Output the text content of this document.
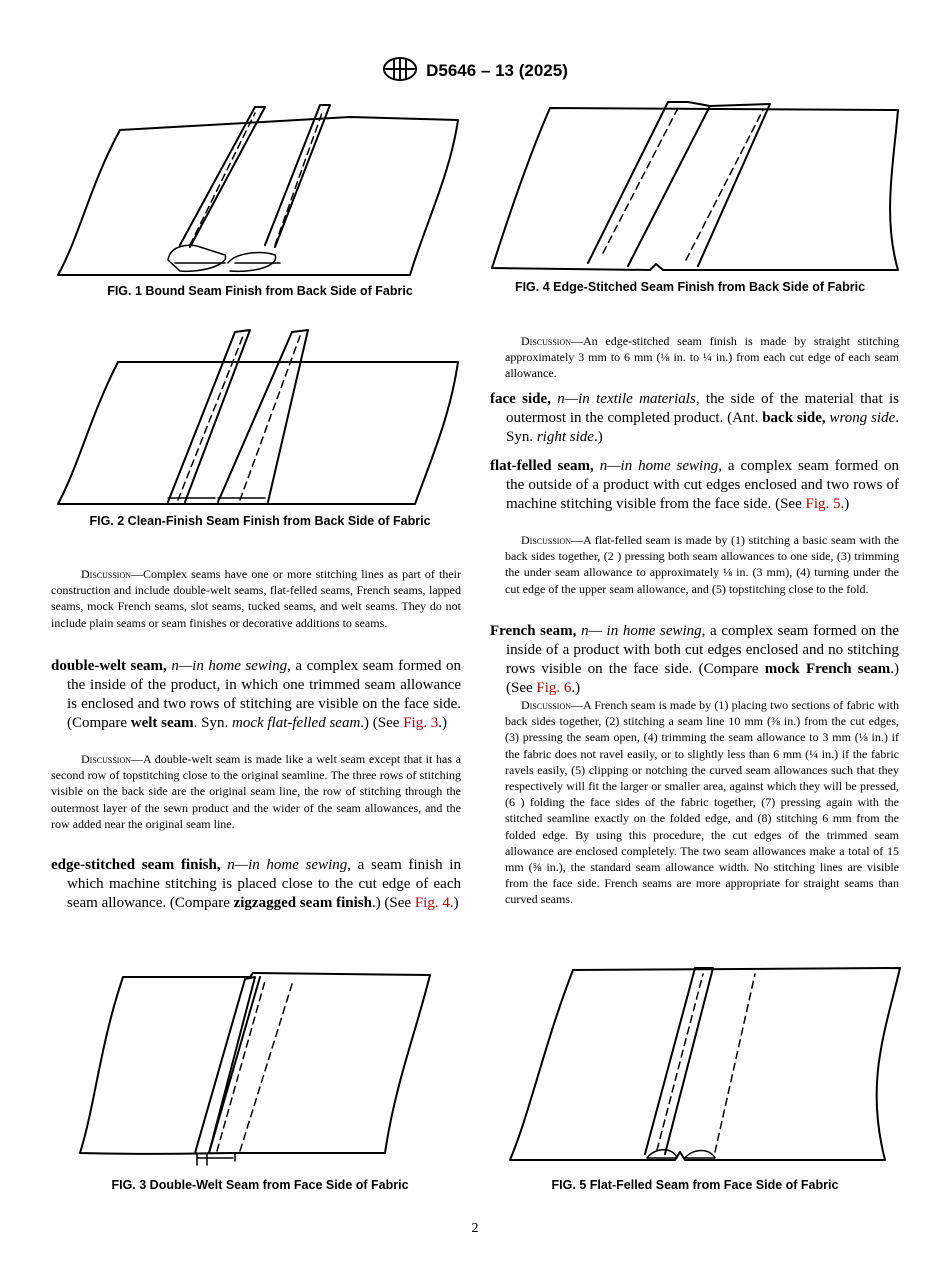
D5646 – 13 (2025)
FIG. 1 Bound Seam Finish from Back Side of Fabric	FIG. 4 Edge-Stitched Seam Finish from Back Side of Fabric
FIG. 2 Clean-Finish Seam Finish from Back Side of Fabric
Discussion—An edge-stitched seam finish is made by straight stitching approximately 3 mm to 6 mm (⅛ in. to ¼ in.) from each cut edge of each seam allowance.
face side, n—in textile materials, the side of the material that is outermost in the completed product. (Ant. back side, wrong side. Syn. right side.)
flat-felled seam, n—in home sewing, a complex seam formed on the outside of a product with cut edges enclosed and two rows of machine stitching visible from the face side. (See Fig. 5.)
Discussion—A flat-felled seam is made by (1) stitching a basic seam with the back sides together, (2 ) pressing both seam allowances to one side, (3) trimming the under seam allowance to approximately ⅛ in. (3 mm), (4) turning under the cut edge of the upper seam allowance, and (5) topstitching close to the fold.
French seam, n— in home sewing, a complex seam formed on the inside of a product with both cut edges enclosed and no stitching rows visible on the face side. (Compare mock French seam.) (See Fig. 6.)
Discussion—A French seam is made by (1) placing two sections of fabric with back sides together, (2) stitching a seam line 10 mm (⅜ in.) from the cut edges, (3) pressing the seam open, (4) trimming the seam allowance to 3 mm (⅛ in.) if the fabric does not ravel easily, or to slightly less than 6 mm (¼ in.) if the fabric ravels easily, (5) clipping or notching the curved seam allowances such that they respectively will fit the larger or smaller area, against which they will be pressed, (6 ) folding the face sides of the fabric together, (7) pressing again with the stitched seamline exactly on the folded edge, and (8) stitching 6 mm from the folded edge. By using this procedure, the cut edges of the trimmed seam allowance are enclosed completely. The two seam allowances make a total of 15 mm (⅝ in.), the standard seam allowance width. No stitching lines are visible from the face side. French seams are more appropriate for straight seams than curved seams.
Discussion—Complex seams have one or more stitching lines as part of their construction and include double-welt seams, flat-felled seams, French seams, lapped seams, mock French seams, slot seams, tucked seams, and welt seams. They do not include plain seams or seam finishes or decorative additions to seams.
double-welt seam, n—in home sewing, a complex seam formed on the inside of the product, in which one trimmed seam allowance is enclosed and two rows of stitching are visible on the face side. (Compare welt seam. Syn. mock flat-felled seam.) (See Fig. 3.)
Discussion—A double-welt seam is made like a welt seam except that it has a second row of topstitching close to the original seamline. The three rows of stitching visible on the back side are the original seam line, the row of stitching through the outermost layer of the sewn product and the wider of the seam allowances, and the row added near the original seam line.
edge-stitched seam finish, n—in home sewing, a seam finish in which machine stitching is placed close to the cut edge of each seam allowance. (Compare zigzagged seam finish.) (See Fig. 4.)
FIG. 3 Double-Welt Seam from Face Side of Fabric	FIG. 5 Flat-Felled Seam from Face Side of Fabric
2
